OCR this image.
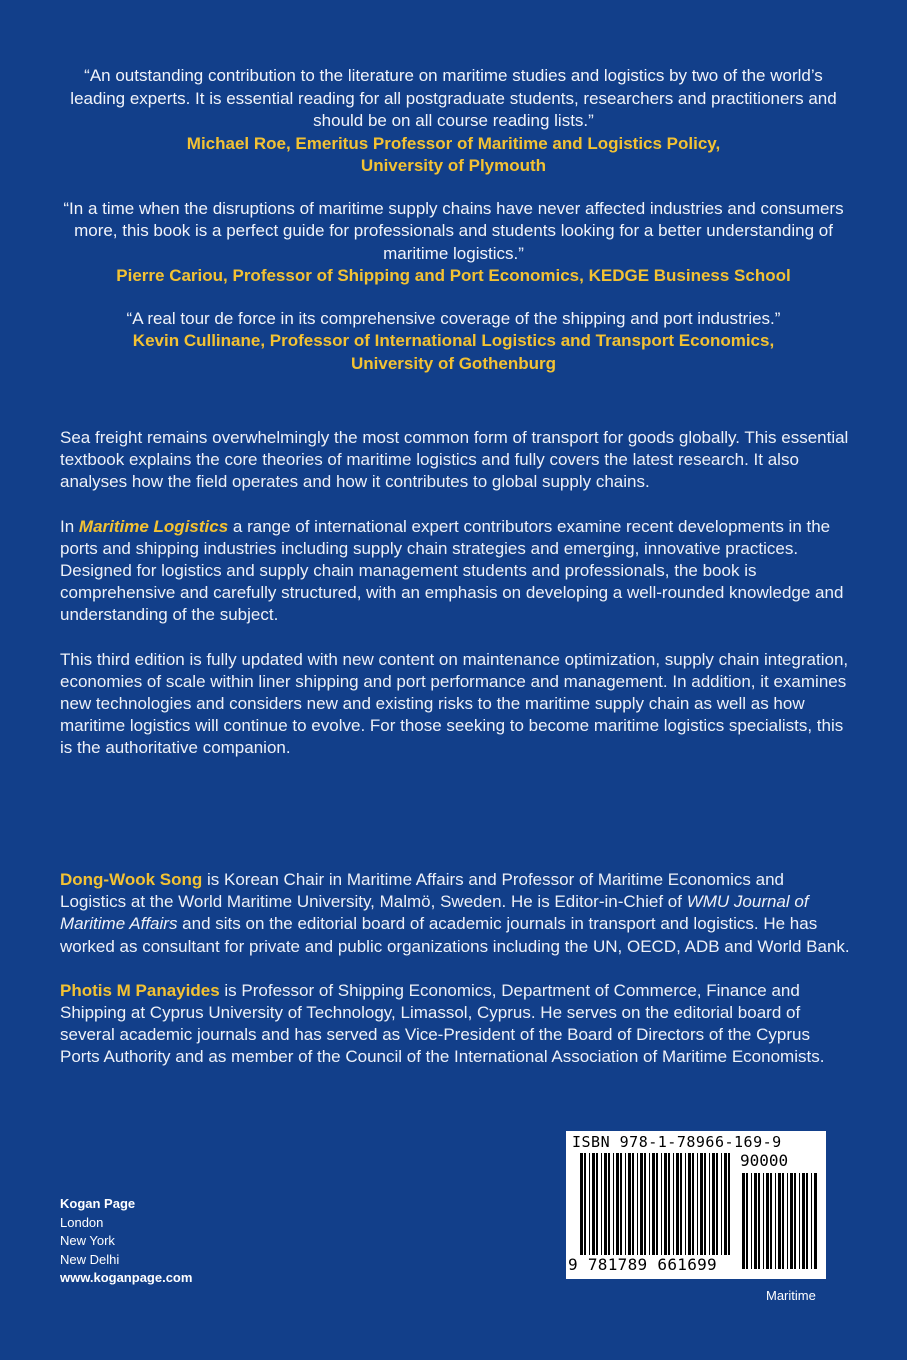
“An outstanding contribution to the literature on maritime studies and logistics by two of the world’s leading experts. It is essential reading for all postgraduate students, researchers and practitioners and should be on all course reading lists.”
Michael Roe, Emeritus Professor of Maritime and Logistics Policy,
University of Plymouth
“In a time when the disruptions of maritime supply chains have never affected industries and consumers more, this book is a perfect guide for professionals and students looking for a better understanding of maritime logistics.”
Pierre Cariou, Professor of Shipping and Port Economics, KEDGE Business School
“A real tour de force in its comprehensive coverage of the shipping and port industries.”
Kevin Cullinane, Professor of International Logistics and Transport Economics,
University of Gothenburg

Sea freight remains overwhelmingly the most common form of transport for goods globally. This essential textbook explains the core theories of maritime logistics and fully covers the latest research. It also analyses how the field operates and how it contributes to global supply chains.

In Maritime Logistics a range of international expert contributors examine recent developments in the ports and shipping industries including supply chain strategies and emerging, innovative practices. Designed for logistics and supply chain management students and professionals, the book is comprehensive and carefully structured, with an emphasis on developing a well-rounded knowledge and understanding of the subject.

This third edition is fully updated with new content on maintenance optimization, supply chain integration, economies of scale within liner shipping and port performance and management. In addition, it examines new technologies and considers new and existing risks to the maritime supply chain as well as how maritime logistics will continue to evolve. For those seeking to become maritime logistics specialists, this is the authoritative companion.

Dong-Wook Song is Korean Chair in Maritime Affairs and Professor of Maritime Economics and Logistics at the World Maritime University, Malmö, Sweden. He is Editor-in-Chief of WMU Journal of Maritime Affairs and sits on the editorial board of academic journals in transport and logistics. He has worked as consultant for private and public organizations including the UN, OECD, ADB and World Bank.

Photis M Panayides is Professor of Shipping Economics, Department of Commerce, Finance and Shipping at Cyprus University of Technology, Limassol, Cyprus. He serves on the editorial board of several academic journals and has served as Vice-President of the Board of Directors of the Cyprus Ports Authority and as member of the Council of the International Association of Maritime Economists.

Kogan Page
London
New York
New Delhi
www.koganpage.com
ISBN 978-1-78966-169-9
90000
9 781789 661699
Maritime
